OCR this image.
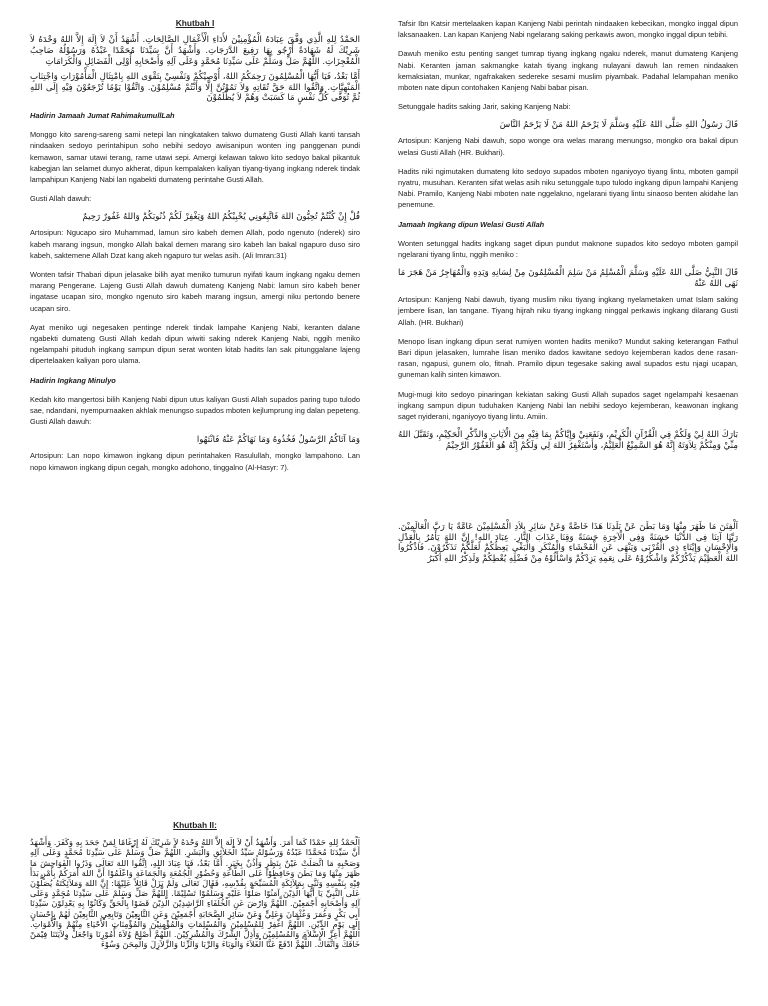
Khutbah I
الحَمْدُ لِلهِ الَّذِي وَفَّقَ عِبَادَهُ الْمُؤْمِنِيْنَ لأَدَاءِ الْأَعْمَالِ الصَّالِحَاتِ. أَشْهَدُ أَنْ لاَ إِلَهَ إِلاَّ اللهُ وَحْدَهُ لاَ شَرِيْكَ لَهُ شَهَادَةً أَرْجُو بِهَا رَفِيعَ الدَّرَجَاتِ. وَأَشْهَدُ أَنَّ سَيِّدَنَا مُحَمَّدًا عَبْدُهُ وَرَسُوْلُهُ صَاحِبُ الْمُعْجِزَاتِ. اللَّهُمَّ صَلِّ وَسَلِّمْ عَلَى سَيِّدِنَا مُحَمَّدٍ وَعَلَى آلِهِ وَأَصْحَابِهِ أُوْلِى الْفَضَائِلِ وَالْكَرَامَاتِ
أَمَّا بَعْدُ، فَيَا أَيُّهَا الْمُسْلِمُونَ رَحِمَكُمُ اللهُ، أُوْصِيْكُمْ وَنَفْسِيْ بِتَقْوَى اللهِ بِامْتِثَالِ الْمَأْمُوْرَاتِ وَاجْتِنَابِ الْمَنْهِيَّاتِ. وَاتَّقُوا اللهَ حَقَّ تُقَاتِهِ وَلاَ تَمُوْتُنَّ إِلَّا وَأَنْتُمْ مُسْلِمُوْنَ. وَاتَّقُوْا يَوْمًا تُرْجَعُوْنَ فِيْهِ إِلَى اللهِ ثُمَّ تُوَفَّى كُلُّ نَفْسٍ مَا كَسَبَتْ وَهُمْ لاَ يُظْلَمُوْنَ

Hadirin Jamaah Jumat RahimakumullLah

Monggo kito sareng-sareng sami netepi lan ningkataken takwo dumateng Gusti Allah kanti tansah nindaaken sedoyo perintahipun soho nebihi sedoyo awisanipun wonten ing panggenan pundi kemawon, samar utawi terang, rame utawi sepi. Amergi kelawan takwo kito sedoyo bakal pikantuk kabegjan lan selamet dunyo akherat, dipun kempalaken kaliyan tiyang-tiyang ingkang nderek tindak lampahipun Kanjeng Nabi lan ngabekti dumateng perintahe Gusti Allah.

Gusti Allah dawuh:

قُلْ إِنْ كُنْتُمْ تُحِبُّونَ اللهَ فَاتَّبِعُونِي يُحْبِبْكُمُ اللهُ وَيَغْفِرْ لَكُمْ ذُنُوبَكُمْ وَاللهُ غَفُورٌ رَحِيمٌ

Artosipun: Ngucapo siro Muhammad, lamun siro kabeh demen Allah, podo ngenuto (nderek) siro kabeh marang ingsun, mongko Allah bakal demen marang siro kabeh lan bakal ngapuro duso siro kabeh, saktemene Allah Dzat kang akeh ngapuro tur welas asih. (Ali Imran:31)

Wonten tafsir Thabari dipun jelasake bilih ayat meniko tumurun nyifati kaum ingkang ngaku demen marang Pengerane. Lajeng Gusti Allah dawuh dumateng Kanjeng Nabi: lamun siro kabeh bener ingatase ucapan siro, mongko ngenuto siro kabeh marang ingsun, amergi niku pertondo benere ucapan siro.

Ayat meniko ugi negesaken pentinge nderek tindak lampahe Kanjeng Nabi, keranten dalane ngabekti dumateng Gusti Allah kedah dipun wiwiti saking nderek Kanjeng Nabi, nggih meniko ngelampahi pituduh ingkang sampun dipun serat wonten kitab hadits lan sak pitunggalane lajeng dipertelaaken kaliyan poro ulama.

Hadirin Ingkang Minulyo

Kedah kito mangertosi bilih Kanjeng Nabi dipun utus kaliyan Gusti Allah supados paring tupo tulodo sae, ndandani, nyempurnaaken akhlak menungso supados mboten kejlumprung ing dalan pepeteng. Gusti Allah dawuh:

وَمَا آتَاكُمُ الرَّسُولُ فَخُذُوهُ وَمَا نَهَاكُمْ عَنْهُ فَانْتَهُوا

Artosipun: Lan nopo kimawon ingkang dipun perintahaken Rasulullah, mongko lampahono. Lan nopo kimawon ingkang dipun cegah, mongko adohono, tinggalno (Al-Hasyr: 7).

Tafsir Ibn Katsir mertelaaken kapan Kanjeng Nabi perintah nindaaken kebecikan, mongko inggal dipun laksanaaken. Lan kapan Kanjeng Nabi ngelarang saking perkawis awon, mongko inggal dipun tebihi.

Dawuh meniko estu penting sanget tumrap tiyang ingkang ngaku nderek, manut dumateng Kanjeng Nabi. Keranten jaman sakmangke katah tiyang ingkang nulayani dawuh lan remen nindaaken kemaksiatan, munkar, ngafrakaken sedereke sesami muslim piyambak. Padahal lelampahan meniko mboten nate dipun contohaken Kanjeng Nabi babar pisan.

Setunggale hadits saking Jarir, saking Kanjeng Nabi:

قَالَ رَسُولُ اللهِ صَلَّى اللهُ عَلَيْهِ وَسَلَّمَ لَا يَرْحَمُ اللهُ مَنْ لَا يَرْحَمُ النَّاسَ

Artosipun: Kanjeng Nabi dawuh, sopo wonge ora welas marang menungso, mongko ora bakal dipun welasi Gusti Allah (HR. Bukhari).

Hadits niki ngimutaken dumateng kito sedoyo supados mboten nganiyoyo tiyang lintu, mboten gampil nyatru, musuhan. Keranten sifat welas asih niku setunggale tupo tulodo ingkang dipun lampahi Kanjeng Nabi. Pramilo, Kanjeng Nabi mboten nate nggelakno, ngelarani tiyang lintu sinaoso benten akidahe lan penemune.

Jamaah Ingkang dipun Welasi Gusti Allah

Wonten setunggal hadits ingkang saget dipun pundut maknone supados kito sedoyo mboten gampil ngelarani tiyang lintu, nggih meniko :

قَالَ النَّبِيُّ صَلَّى اللهُ عَلَيْهِ وَسَلَّمَ الْمُسْلِمُ مَنْ سَلِمَ الْمُسْلِمُونَ مِنْ لِسَانِهِ وَيَدِهِ وَالْمُهَاجِرُ مَنْ هَجَرَ مَا نَهَى اللهُ عَنْهُ

Artosipun: Kanjeng Nabi dawuh, tiyang muslim niku tiyang ingkang nyelametaken umat Islam saking jembere lisan, lan tangane. Tiyang hijrah niku tiyang ingkang ninggal perkawis ingkang dilarang Gusti Allah. (HR. Bukhari)

Menopo lisan ingkang dipun serat rumiyen wonten hadits meniko? Mundut saking keterangan Fathul Bari dipun jelasaken, lumrahe lisan meniko dados kawitane sedoyo kejemberan kados dene rasan-rasan, ngapusi, gunem olo, fitnah. Pramilo dipun tegesake saking awal supados estu njagi ucapan, guneman kalih sinten kimawon.

Mugi-mugi kito sedoyo pinaringan kekiatan saking Gusti Allah supados saget ngelampahi kesaenan ingkang sampun dipun tuduhaken Kanjeng Nabi lan nebihi sedoyo kejemberan, keawonan ingkang saget nyiderani, nganiyoyo tiyang lintu. Amiin.

بَارَكَ اللهُ لِيْ وَلَكُمْ فِي الْقُرْآنِ الْكَرِيْمِ، وَنَفَعَنِيْ وَإِيَّاكُمْ بِمَا فِيْهِ مِنَ الْآيَاتِ وَالذِّكْرِ الْحَكِيْمِ، وَتَقَبَّلَ اللهُ مِنِّيْ وَمِنْكُمْ تِلاَوَتَهُ إِنَّهُ هُوَ السَّمِيْعُ الْعَلِيْمُ، وَأَسْتَغْفِرُ اللهَ لِي وَلَكُمْ إِنَّهُ هُوَ الْغَفُوْرُ الرَّحِيْمُ
اَلْفِتَنَ مَا ظَهَرَ مِنْهَا وَمَا بَطَنَ عَنْ بَلَدِنَا هَذَا خَاصَّةً وَعَنْ سَائِرِ بِلاَدِ الْمُسْلِمِيْنَ عَامَّةً يَا رَبَّ الْعَالَمِيْنَ. رَبَّنَا آتِنَا فِى الدُّنْيَا حَسَنَةً وَفِى الْآخِرَةِ حَسَنَةً وَقِنَا عَذَابَ النَّارِ. عِبَادَ اللهِ! إِنَّ اللهَ يَأْمُرُ بِالْعَدْلِ وَالْإِحْسَانِ وَإِيْتَاءِ ذِي الْقُرْبَى وَيَنْهَى عَنِ الْفَحْشَاءِ وَالْمُنْكَرِ وَالْبَغْيِ يَعِظُكُمْ لَعَلَّكُمْ تَذَكَّرُوْنَ. فَاذْكُرُوا اللهَ الْعَظِيْمَ يَذْكُرْكُمْ وَاشْكُرُوْهُ عَلَى نِعَمِهِ يَزِدْكُمْ وَاسْأَلُوْهُ مِنْ فَضْلِهِ يُعْطِكُمْ وَلَذِكْرُ اللهِ أَكْبَرُ
Khutbah II:
اَلْحَمْدُ لِلهِ حَمْدًا كَمَا أَمَرَ. وَأَشْهَدُ أَنْ لاَ إِلَهَ إِلاَّ اللهُ وَحْدَهُ لاَ شَرِيْكَ لَهُ إِرْغَامًا لِمَنْ جَحَدَ بِهِ وَكَفَرَ. وَأَشْهَدُ أَنَّ سَيِّدَنَا مُحَمَّدًا عَبْدُهُ وَرَسُوْلُهُ سَيِّدُ الْخَلاَئِقِ وَالْبَشَرِ. اللَّهُمَّ صَلِّ وَسَلِّمْ عَلَى سَيِّدِنَا مُحَمَّدٍ وَعَلَى آلِهِ وَصَحْبِهِ مَا اتَّصَلَتْ عَيْنٌ بِنَظَرٍ وَأُذُنٌ بِخَبَرٍ. أَمَّا بَعْدُ، فَيَا عِبَادَ اللهِ، اِتَّقُوا اللهَ تَعَالَى وَذَرُوا الْفَوَاحِشَ مَا ظَهَرَ مِنْهَا وَمَا بَطَنَ وَحَافِظُوْا عَلَى الطَّاعَةِ وَحُضُوْرِ الْجُمُعَةِ وَالْجَمَاعَةِ وَاعْلَمُوْا أَنَّ اللهَ أَمَرَكُمْ بِأَمْرٍ بَدَأَ فِيْهِ بِنَفْسِهِ وَثَنَّى بِمَلاَئِكَةِ الْمُسَبِّحَةِ بِقُدْسِهِ، فَقَالَ تَعَالَى وَلَمْ يَزَلْ قَائِلاً عَلِيْمًا: إِنَّ اللهَ وَمَلاَئِكَتَهُ يُصَلُّوْنَ عَلَى النَّبِيِّ يَا أَيُّهَا الَّذِيْنَ آمَنُوْا صَلُّوْا عَلَيْهِ وَسَلِّمُوْا تَسْلِيْمًا. اللَّهُمَّ صَلِّ وَسَلِّمْ عَلَى سَيِّدِنَا مُحَمَّدٍ وَعَلَى آلِهِ وَأَصْحَابِهِ أَجْمَعِيْنَ. اللَّهُمَّ وَارْضَ عَنِ الْخُلَفَاءِ الرَّاشِدِيْنَ الَّذِيْنَ قَضَوْا بِالْحَقِّ وَكَانُوْا بِهِ يَعْدِلُوْنَ سَيِّدِنَا أَبِي بَكْرٍ وَعُمَرَ وَعُثْمَانَ وَعَلِيٍّ وَعَنْ سَائِرِ الصَّحَابَةِ أَجْمَعِيْنَ وَعَنِ التَّابِعِيْنَ وَتَابِعِي التَّابِعِيْنَ لَهُمْ بِإِحْسَانٍ إِلَى يَوْمِ الدِّيْنِ. اللَّهُمَّ اغْفِرْ لِلْمُسْلِمِيْنَ وَالْمُسْلِمَاتِ وَالْمُؤْمِنِيْنَ وَالْمُؤْمِنَاتِ الْأَحْيَاءِ مِنْهُمْ وَالْأَمْوَاتِ. اللَّهُمَّ أَعِزَّ الْإِسْلاَمَ وَالْمُسْلِمِيْنَ وَأَذِلَّ الشِّرْكَ وَالْمُشْرِكِيْنَ. اللَّهُمَّ أَصْلِحْ وُلاَةَ أُمُوْرِنَا وَاجْعَلْ وِلاَيَتَنَا فِيْمَنْ خَافَكَ وَاتَّقَاكَ. اللَّهُمَّ ادْفَعْ عَنَّا الْغَلاَءَ وَالْوَبَاءَ وَالرِّبَا وَالزِّنَا وَالزَّلاَزِلَ وَالْمِحَنَ وَسُوْءَ
